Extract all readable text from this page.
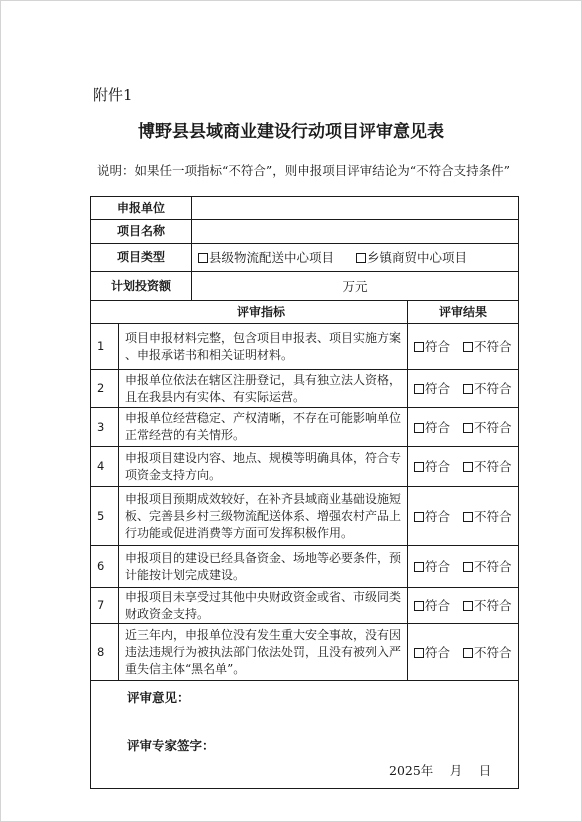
附件1
博野县县域商业建设行动项目评审意见表
说明：如果任一项指标“不符合”，则申报项目评审结论为“不符合支持条件”
申报单位			
项目名称			
项目类型		县级物流配送中心项目 乡镇商贸中心项目	
计划投资额		万元	
评审指标			评审结果
1	项目申报材料完整，包含项目申报表、项目实施方案
、申报承诺书和相关证明材料。		符合 不符合
2	申报单位依法在辖区注册登记，具有独立法人资格，
且在我县内有实体、有实际运营。		符合 不符合
3	申报单位经营稳定、产权清晰，不存在可能影响单位
正常经营的有关情形。		符合 不符合
4	申报项目建设内容、地点、规模等明确具体，符合专
项资金支持方向。		符合 不符合
5	申报项目预期成效较好，在补齐县域商业基础设施短
板、完善县乡村三级物流配送体系、增强农村产品上
行功能或促进消费等方面可发挥积极作用。		符合 不符合
6	申报项目的建设已经具备资金、场地等必要条件，预
计能按计划完成建设。		符合 不符合
7	申报项目未享受过其他中央财政资金或省、市级同类
财政资金支持。		符合 不符合
8	近三年内，申报单位没有发生重大安全事故，没有因
违法违规行为被执法部门依法处罚，且没有被列入严
重失信主体“黑名单”。		符合 不符合

评审意见：
评审专家签字：
2025年　 月　 日			
